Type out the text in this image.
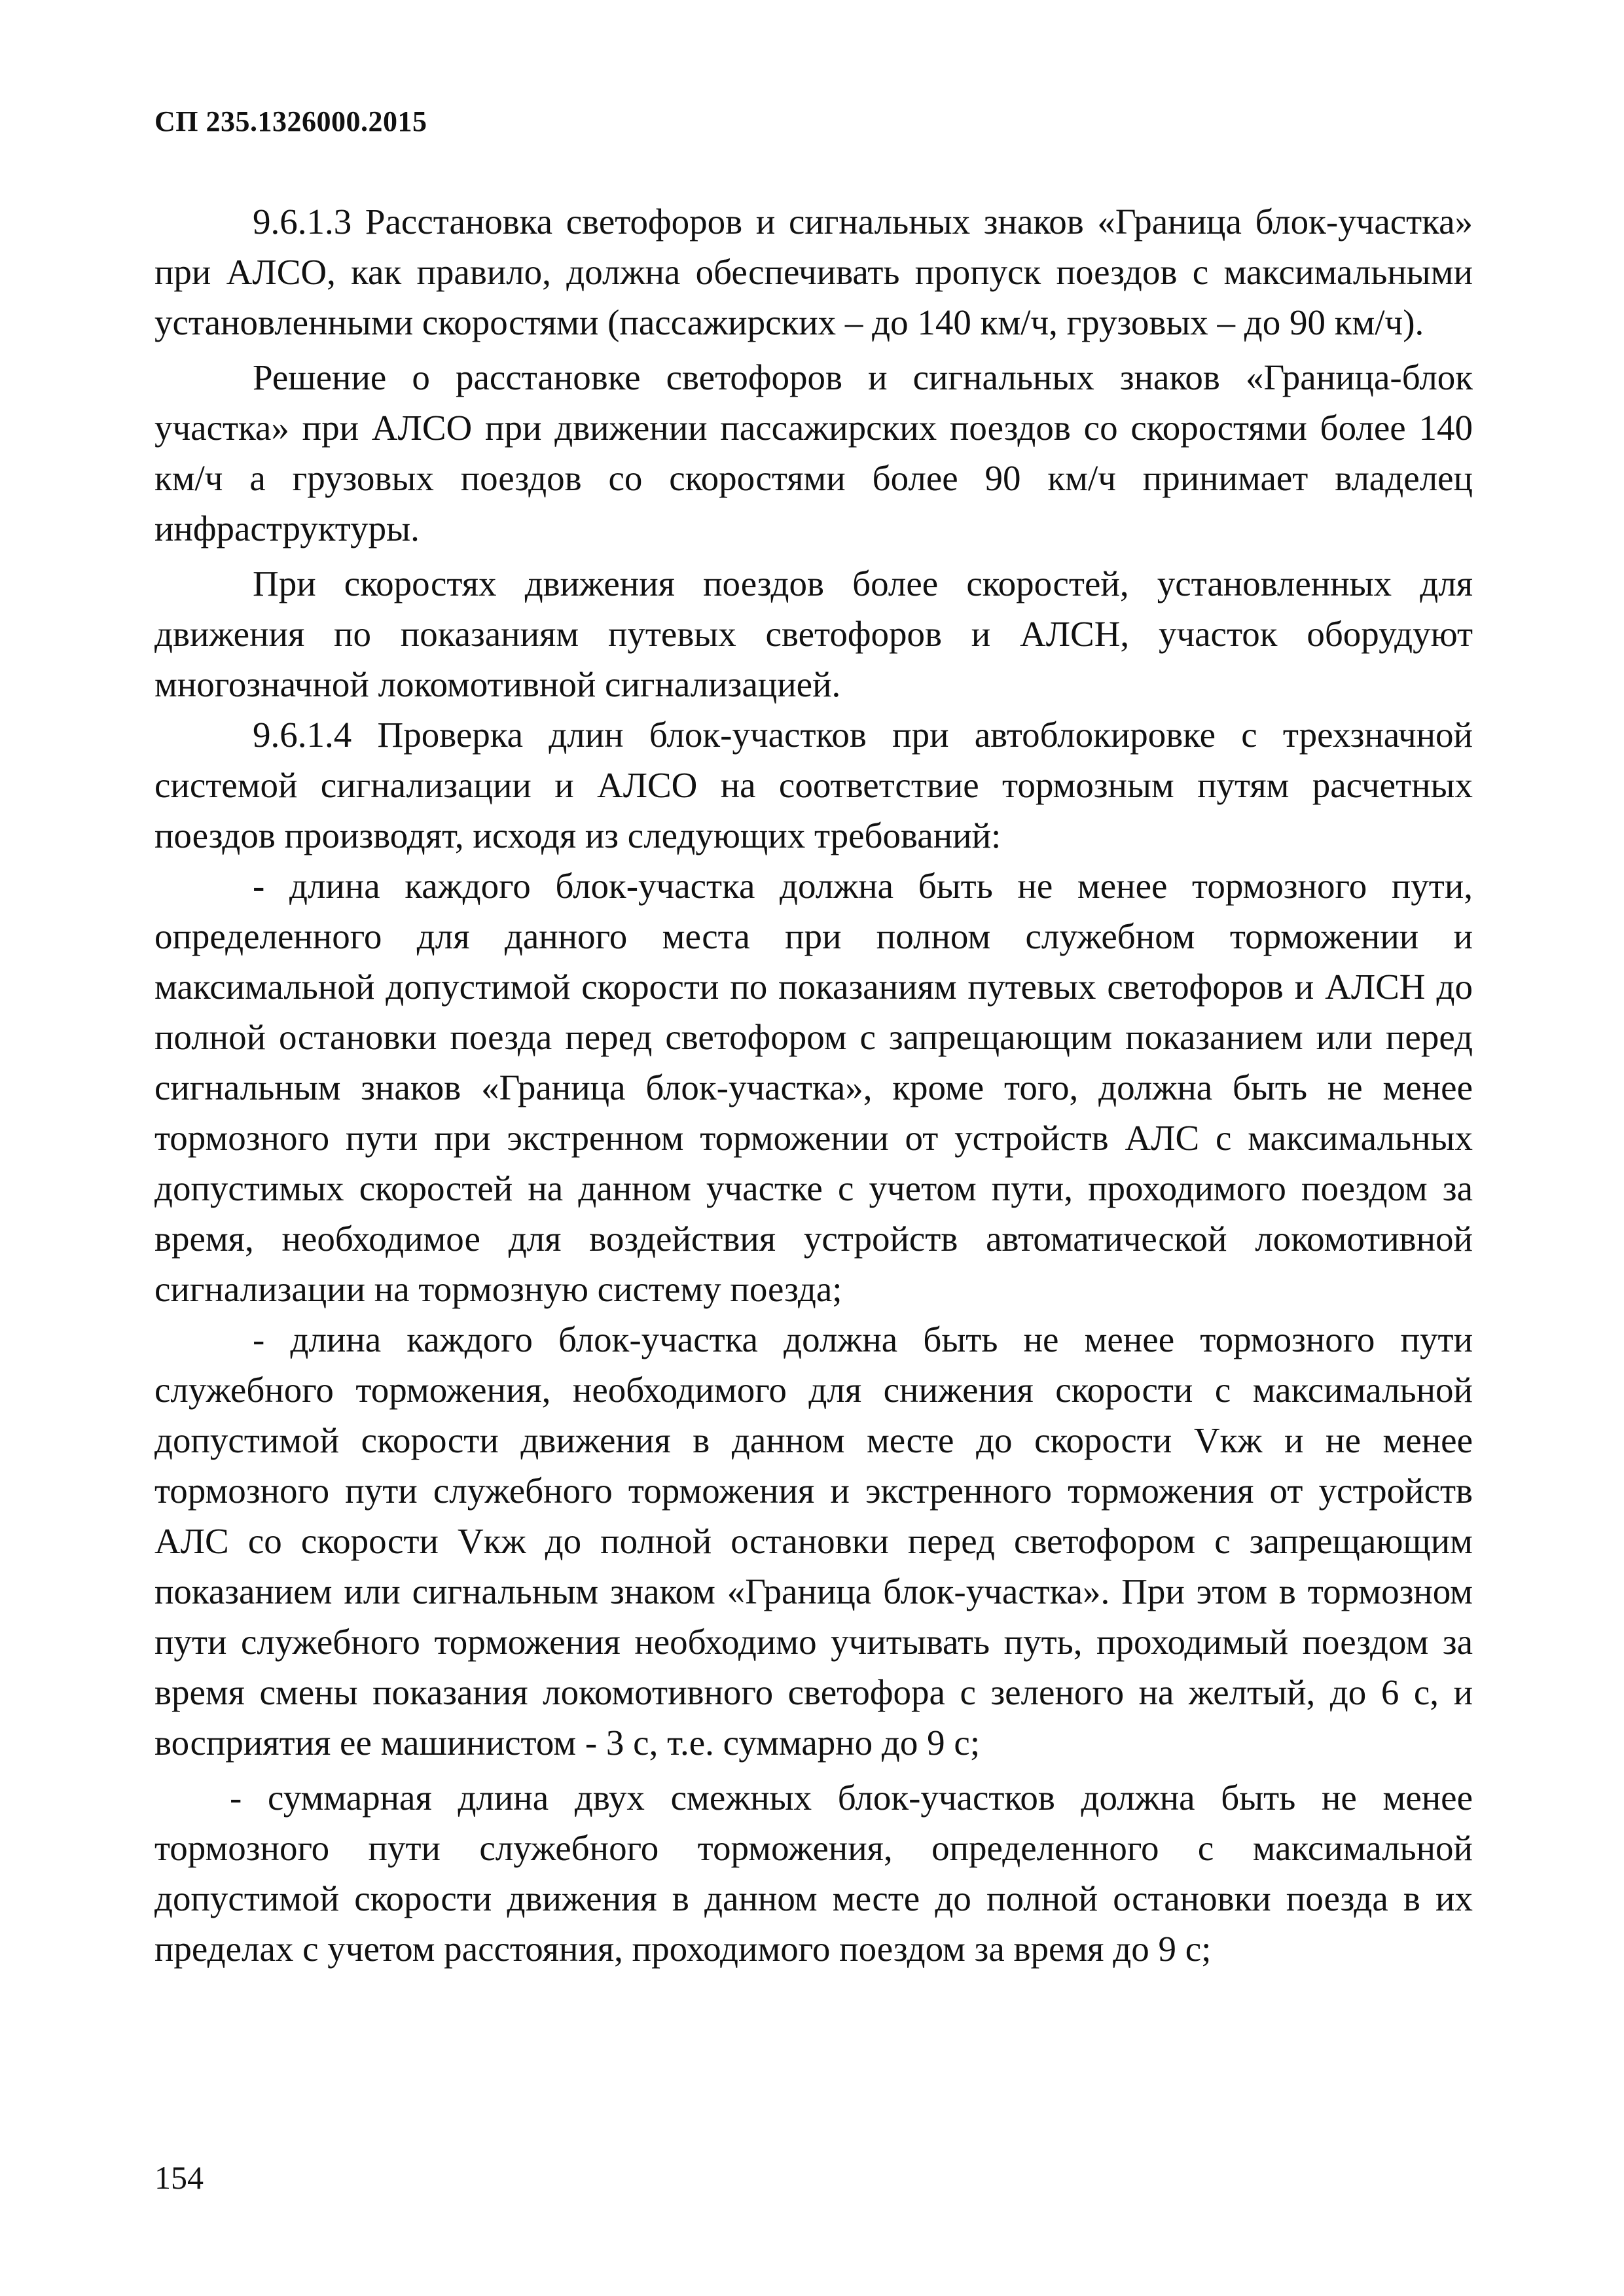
СП 235.1326000.2015

9.6.1.3 Расстановка светофоров и сигнальных знаков «Граница блок-участка» при АЛСО, как правило, должна обеспечивать пропуск поездов с максимальными установленными скоростями (пассажирских – до 140 км/ч, грузовых – до 90 км/ч).

Решение о расстановке светофоров и сигнальных знаков «Граница-блок участка» при АЛСО при движении пассажирских поездов со скоростями более 140 км/ч а грузовых поездов со скоростями более 90 км/ч принимает владелец инфраструктуры.

При скоростях движения поездов более скоростей, установленных для движения по показаниям путевых светофоров и АЛСН, участок оборудуют многозначной локомотивной сигнализацией.

9.6.1.4 Проверка длин блок-участков при автоблокировке с трехзначной системой сигнализации и АЛСО на соответствие тормозным путям расчетных поездов производят, исходя из следующих требований:

- длина каждого блок-участка должна быть не менее тормозного пути, определенного для данного места при полном служебном торможении и максимальной допустимой скорости по показаниям путевых светофоров и АЛСН до полной остановки поезда перед светофором с запрещающим показанием или перед сигнальным знаков «Граница блок-участка», кроме того, должна быть не менее тормозного пути при экстренном торможении от устройств АЛС с максимальных допустимых скоростей на данном участке с учетом пути, проходимого поездом за время, необходимое для воздействия устройств автоматической локомотивной сигнализации на тормозную систему поезда;

- длина каждого блок-участка должна быть не менее тормозного пути служебного торможения, необходимого для снижения скорости с максимальной допустимой скорости движения в данном месте до скорости Vкж и не менее тормозного пути служебного торможения и экстренного торможения от устройств АЛС со скорости Vкж до полной остановки перед светофором с запрещающим показанием или сигнальным знаком «Граница блок-участка». При этом в тормозном пути служебного торможения необходимо учитывать путь, проходимый поездом за время смены показания локомотивного светофора с зеленого на желтый, до 6 с, и восприятия ее машинистом - 3 с, т.е. суммарно до 9 с;

- суммарная длина двух смежных блок-участков должна быть не менее тормозного пути служебного торможения, определенного с максимальной допустимой скорости движения в данном месте до полной остановки поезда в их пределах с учетом расстояния, проходимого поездом за время до 9 с;

154
